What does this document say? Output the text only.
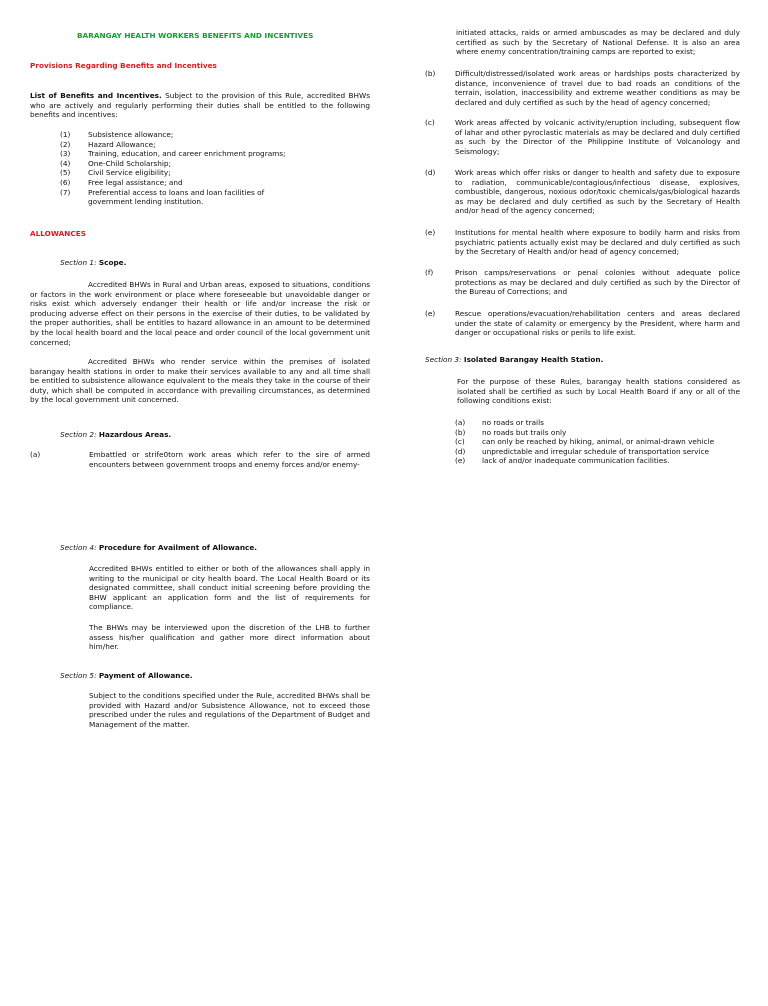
BARANGAY HEALTH WORKERS BENEFITS AND INCENTIVES
Provisions Regarding Benefits and Incentives

List of Benefits and Incentives. Subject to the provision of this Rule, accredited BHWs who are actively and regularly performing their duties shall be entitled to the following benefits and incentives:

(1)	Subsistence allowance;
(2)	Hazard Allowance;
(3)	Training, education, and career enrichment programs;
(4)	One-Child Scholarship;
(5)	Civil Service eligibility;
(6)	Free legal assistance; and
(7)	Preferential access to loans and loan facilities of government lending institution.
ALLOWANCES
Section 1: Scope.

Accredited BHWs in Rural and Urban areas, exposed to situations, conditions or factors in the work environment or place where foreseeable but unavoidable danger or risks exist which adversely endanger their health or life and/or increase the risk or producing adverse effect on their persons in the exercise of their duties, to be validated by the proper authorities, shall be entitles to hazard allowance in an amount to be determined by the local health board and the local peace and order council of the local government unit concerned;

Accredited BHWs who render service within the premises of isolated barangay health stations in order to make their services available to any and all time shall be entitled to subsistence allowance equivalent to the meals they take in the course of their duty, which shall be computed in accordance with prevailing circumstances, as determined by the local government unit concerned.

Section 2: Hazardous Areas.
(a)	Embattled or strife0torn work areas which refer to the sire of armed encounters between government troops and enemy forces and/or enemy-
Section 4: Procedure for Availment of Allowance.

Accredited BHWs entitled to either or both of the allowances shall apply in writing to the municipal or city health board. The Local Health Board or its designated committee, shall conduct initial screening before providing the BHW applicant an application form and the list of requirements for compliance.

The BHWs may be interviewed upon the discretion of the LHB to further assess his/her qualification and gather more direct information about him/her.

Section 5: Payment of Allowance.

Subject to the conditions specified under the Rule, accredited BHWs shall be provided with Hazard and/or Subsistence Allowance, not to exceed those prescribed under the rules and regulations of the Department of Budget and Management of the matter.

initiated attacks, raids or armed ambuscades as may be declared and duly certified as such by the Secretary of National Defense. It is also an area where enemy concentration/training camps are reported to exist;

(b)	Difficult/distressed/isolated work areas or hardships posts characterized by distance, inconvenience of travel due to bad roads an conditions of the terrain, isolation, inaccessibility and extreme weather conditions as may be declared and duly certified as such by the head of agency concerned;
(c)	Work areas affected by volcanic activity/eruption including, subsequent flow of lahar and other pyroclastic materials as may be declared and duly certified as such by the Director of the Philippine Institute of Volcanology and Seismology;
(d)	Work areas which offer risks or danger to health and safety due to exposure to radiation, communicable/contagious/infectious disease, explosives, combustible, dangerous, noxious odor/toxic chemicals/gas/biological hazards as may be declared and duly certified as such by the Secretary of Health and/or head of the agency concerned;
(e)	Institutions for mental health where exposure to bodily harm and risks from psychiatric patients actually exist may be declared and duly certified as such by the Secretary of Health and/or head of agency concerned;
(f)	Prison camps/reservations or penal colonies without adequate police protections as may be declared and duly certified as such by the Director of the Bureau of Corrections; and
(e)	Rescue operations/evacuation/rehabilitation centers and areas declared under the state of calamity or emergency by the President, where harm and danger or occupational risks or perils to life exist.
Section 3: Isolated Barangay Health Station.

For the purpose of these Rules, barangay health stations considered as isolated shall be certified as such by Local Health Board if any or all of the following conditions exist:

(a)	no roads or trails
(b)	no roads but trails only
(c)	can only be reached by hiking, animal, or animal-drawn vehicle
(d)	unpredictable and irregular schedule of transportation service
(e)	lack of and/or inadequate communication facilities.
